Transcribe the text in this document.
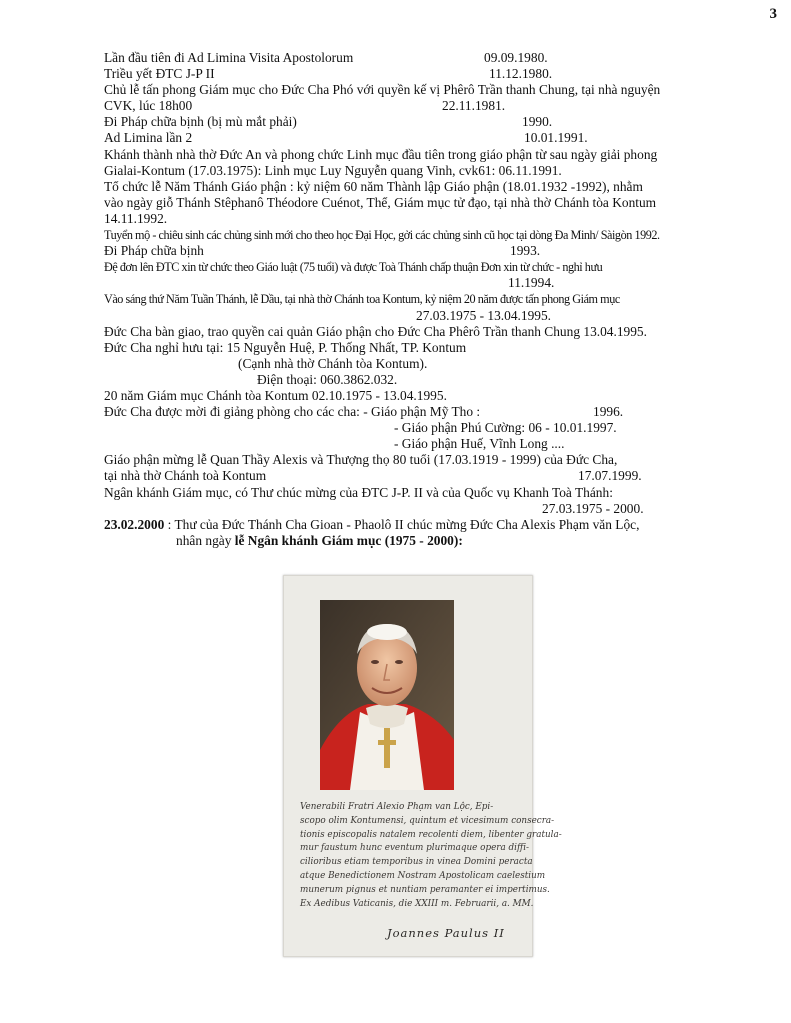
3
Lần đầu tiên đi Ad Limina Visita Apostolorum	09.09.1980.
Triều yết ĐTC J-P II	11.12.1980.
Chủ lễ tấn phong Giám mục cho Đức Cha Phó với quyền kế vị Phêrô Trần thanh Chung, tại nhà nguyện
CVK, lúc 18h00	22.11.1981.
Đi Pháp chữa bịnh (bị mù mắt phải)	1990.
Ad Limina lần 2	10.01.1991.
Khánh thành nhà thờ Đức An và phong chức Linh mục đầu tiên trong giáo phận từ sau ngày giải phong
Gialai-Kontum (17.03.1975): Linh mục Luy Nguyễn quang Vinh, cvk61: 06.11.1991.
Tổ chức lễ Năm Thánh Giáo phận : kỷ niệm 60 năm Thành lập Giáo phận (18.01.1932 -1992), nhằm
vào ngày giỗ Thánh Stêphanô Théodore Cuénot, Thể, Giám mục tử đạo, tại nhà thờ Chánh tòa Kontum
14.11.1992.
Tuyển mộ - chiêu sinh các chủng sinh mới cho theo học Đại Học, gởi các chủng sinh cũ học tại dòng Đa Minh/ Sàigòn 1992.
Đi Pháp chữa bịnh	1993.
Đệ đơn lên ĐTC xin từ chức theo Giáo luật (75 tuổi) và được Toà Thánh chấp thuận Đơn xin từ chức - nghỉ hưu
11.1994.
Vào sáng thứ Năm Tuần Thánh, lễ Dầu, tại nhà thờ Chánh toa Kontum, kỷ niệm 20 năm được tấn phong Giám mục
27.03.1975 - 13.04.1995.
Đức Cha bàn giao, trao quyền cai quản Giáo phận cho Đức Cha Phêrô Trần thanh Chung 13.04.1995.
Đức Cha nghỉ hưu tại: 15 Nguyễn Huệ, P. Thống Nhất, TP. Kontum
(Cạnh nhà thờ Chánh tòa Kontum).
Điện thoại: 060.3862.032.
20 năm Giám mục Chánh tòa Kontum 02.10.1975 - 13.04.1995.
Đức Cha được mời đi giảng phòng cho các cha: - Giáo phận Mỹ Tho :	1996.
- Giáo phận Phú Cường: 06 - 10.01.1997.
- Giáo phận Huế, Vĩnh Long ....
Giáo phận mừng lễ Quan Thầy Alexis và Thượng thọ 80 tuổi (17.03.1919 - 1999) của Đức Cha,
tại nhà thờ Chánh toà Kontum	17.07.1999.
Ngân khánh Giám mục, có Thư chúc mừng của ĐTC J-P. II và của Quốc vụ Khanh Toà Thánh:
27.03.1975 - 2000.
23.02.2000 : Thư của Đức Thánh Cha Gioan - Phaolô II chúc mừng Đức Cha Alexis Phạm văn Lộc,
nhân ngày lễ Ngân khánh Giám mục (1975 - 2000):
Venerabili Fratri Alexio Phạm van Lộc, Epi-
scopo olim Kontumensi, quintum et vicesimum consecra-
tionis episcopalis natalem recolenti diem, libenter gratula-
mur faustum hunc eventum plurimaque opera diffi-
cilioribus etiam temporibus in vinea Domini peracta
atque Benedictionem Nostram Apostolicam caelestium
munerum pignus et nuntiam peramanter ei impertimus.
Ex Aedibus Vaticanis, die XXIII m. Februarii, a. MM.
Joannes Paulus II
